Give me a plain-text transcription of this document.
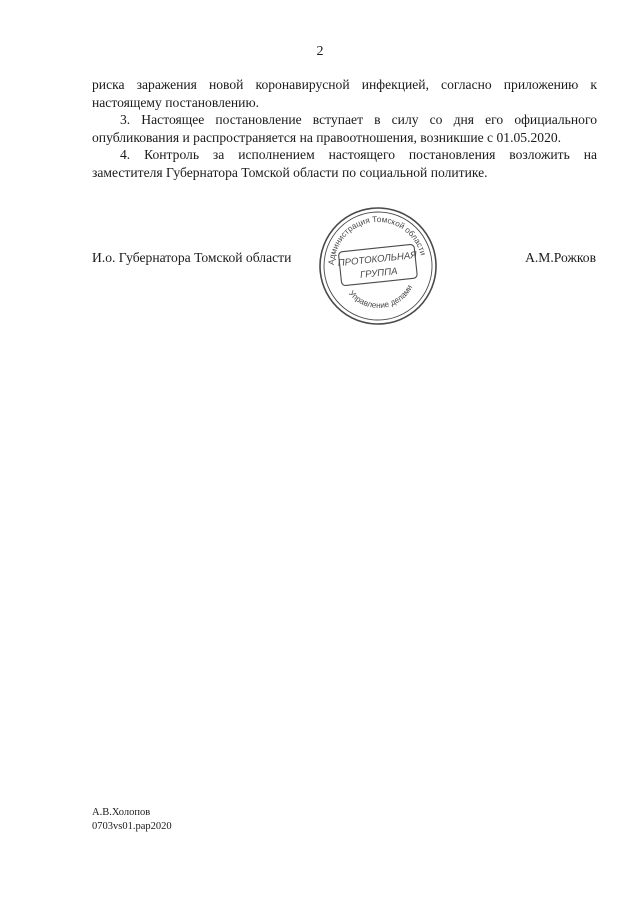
2

риска заражения новой коронавирусной инфекцией, согласно приложению к настоящему постановлению.

3. Настоящее постановление вступает в силу со дня его официального опубликования и распространяется на правоотношения, возникшие с 01.05.2020.

4. Контроль за исполнением настоящего постановления возложить на заместителя Губернатора Томской области по социальной политике.

И.о. Губернатора Томской области	А.М.Рожков
Администрация Томской области
ПРОТОКОЛЬНАЯ
ГРУППА
Управление делами
А.В.Холопов
0703vs01.pap2020
